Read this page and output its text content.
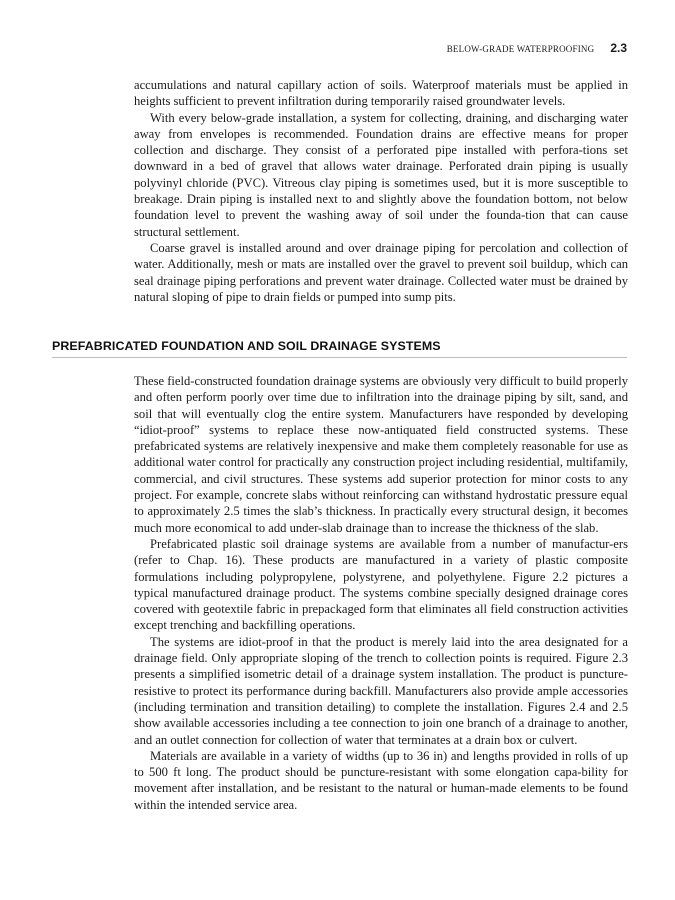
BELOW-GRADE WATERPROOFING 2.3

accumulations and natural capillary action of soils. Waterproof materials must be applied in heights sufficient to prevent infiltration during temporarily raised groundwater levels.

With every below-grade installation, a system for collecting, draining, and discharging water away from envelopes is recommended. Foundation drains are effective means for proper collection and discharge. They consist of a perforated pipe installed with perfora-tions set downward in a bed of gravel that allows water drainage. Perforated drain piping is usually polyvinyl chloride (PVC). Vitreous clay piping is sometimes used, but it is more susceptible to breakage. Drain piping is installed next to and slightly above the foundation bottom, not below foundation level to prevent the washing away of soil under the founda-tion that can cause structural settlement.

Coarse gravel is installed around and over drainage piping for percolation and collection of water. Additionally, mesh or mats are installed over the gravel to prevent soil buildup, which can seal drainage piping perforations and prevent water drainage. Collected water must be drained by natural sloping of pipe to drain fields or pumped into sump pits.

PREFABRICATED FOUNDATION AND SOIL DRAINAGE SYSTEMS

These field-constructed foundation drainage systems are obviously very difficult to build properly and often perform poorly over time due to infiltration into the drainage piping by silt, sand, and soil that will eventually clog the entire system. Manufacturers have responded by developing “idiot-proof” systems to replace these now-antiquated field constructed systems. These prefabricated systems are relatively inexpensive and make them completely reasonable for use as additional water control for practically any construction project including residential, multifamily, commercial, and civil structures. These systems add superior protection for minor costs to any project. For example, concrete slabs without reinforcing can withstand hydrostatic pressure equal to approximately 2.5 times the slab’s thickness. In practically every structural design, it becomes much more economical to add under-slab drainage than to increase the thickness of the slab.

Prefabricated plastic soil drainage systems are available from a number of manufactur-ers (refer to Chap. 16). These products are manufactured in a variety of plastic composite formulations including polypropylene, polystyrene, and polyethylene. Figure 2.2 pictures a typical manufactured drainage product. The systems combine specially designed drainage cores covered with geotextile fabric in prepackaged form that eliminates all field construction activities except trenching and backfilling operations.

The systems are idiot-proof in that the product is merely laid into the area designated for a drainage field. Only appropriate sloping of the trench to collection points is required. Figure 2.3 presents a simplified isometric detail of a drainage system installation. The product is puncture-resistive to protect its performance during backfill. Manufacturers also provide ample accessories (including termination and transition detailing) to complete the installation. Figures 2.4 and 2.5 show available accessories including a tee connection to join one branch of a drainage to another, and an outlet connection for collection of water that terminates at a drain box or culvert.

Materials are available in a variety of widths (up to 36 in) and lengths provided in rolls of up to 500 ft long. The product should be puncture-resistant with some elongation capa-bility for movement after installation, and be resistant to the natural or human-made elements to be found within the intended service area.
